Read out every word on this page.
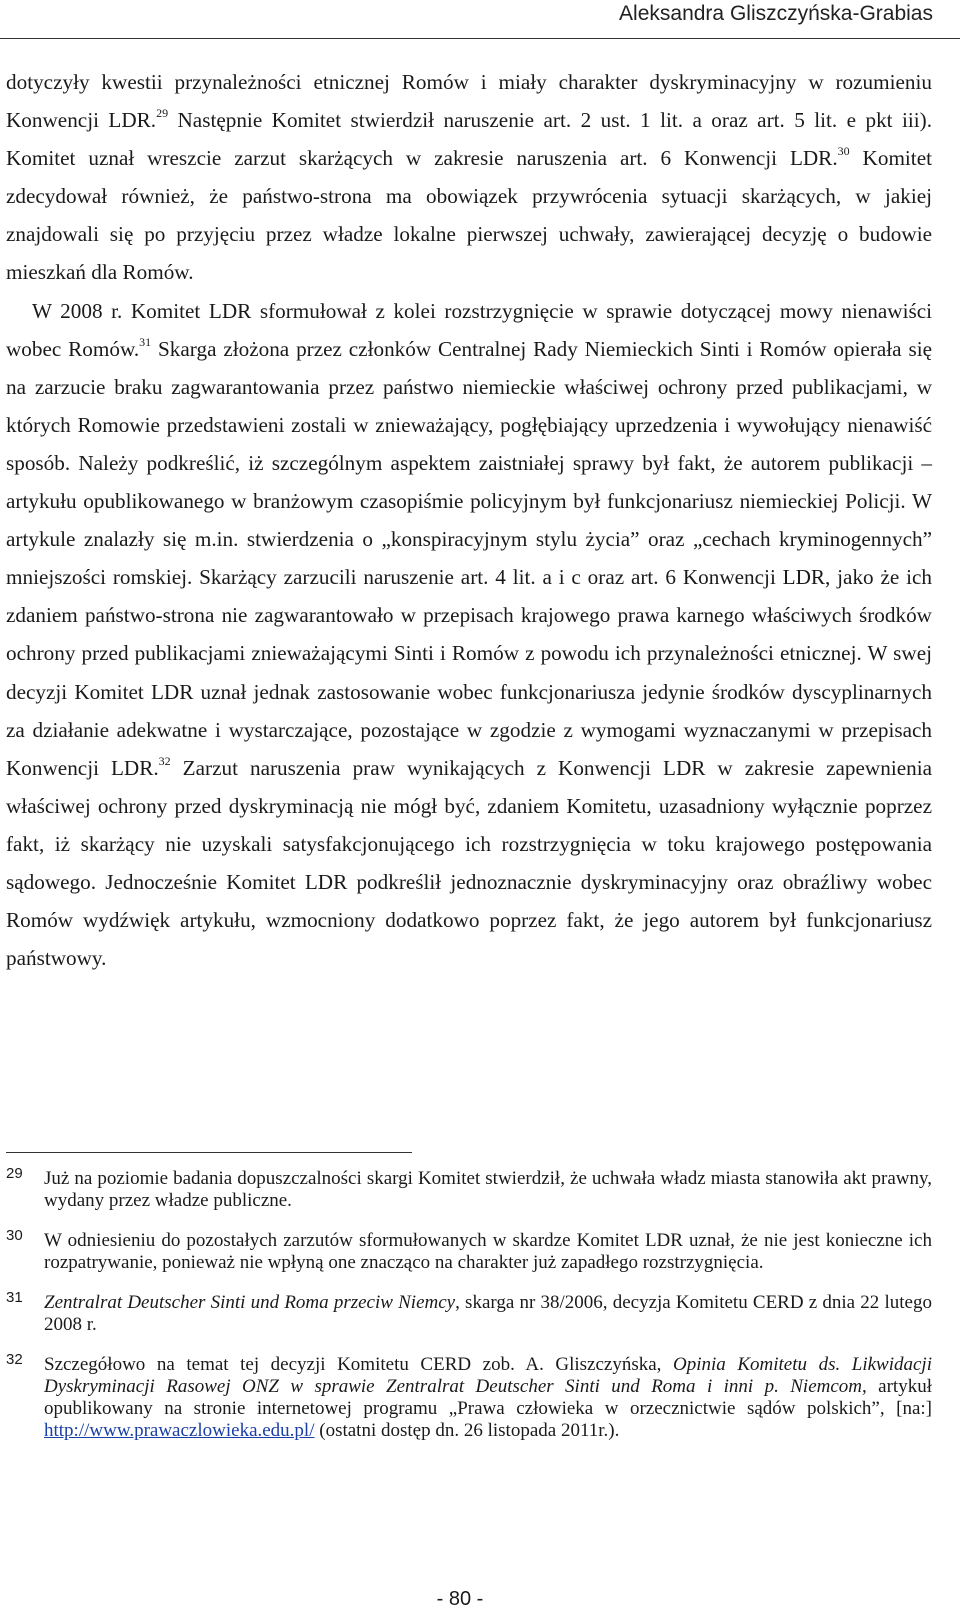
Aleksandra Gliszczyńska-Grabias

dotyczyły kwestii przynależności etnicznej Romów i miały charakter dyskryminacyjny w rozumieniu Konwencji LDR.$^{29}$ Następnie Komitet stwierdził naruszenie art. 2 ust. 1 lit. a oraz art. 5 lit. e pkt iii). Komitet uznał wreszcie zarzut skarżących w zakresie naruszenia art. 6 Konwencji LDR.$^{30}$ Komitet zdecydował również, że państwo-strona ma obowiązek przywrócenia sytuacji skarżących, w jakiej znajdowali się po przyjęciu przez władze lokalne pierwszej uchwały, zawierającej decyzję o budowie mieszkań dla Romów.

W 2008 r. Komitet LDR sformułował z kolei rozstrzygnięcie w sprawie dotyczącej mowy nienawiści wobec Romów.$^{31}$ Skarga złożona przez członków Centralnej Rady Niemieckich Sinti i Romów opierała się na zarzucie braku zagwarantowania przez państwo niemieckie właściwej ochrony przed publikacjami, w których Romowie przedstawieni zostali w znieważający, pogłębiający uprzedzenia i wywołujący nienawiść sposób. Należy podkreślić, iż szczególnym aspektem zaistniałej sprawy był fakt, że autorem publikacji – artykułu opublikowanego w branżowym czasopiśmie policyjnym był funkcjonariusz niemieckiej Policji. W artykule znalazły się m.in. stwierdzenia o „konspiracyjnym stylu życia” oraz „cechach kryminogennych” mniejszości romskiej. Skarżący zarzucili naruszenie art. 4 lit. a i c oraz art. 6 Konwencji LDR, jako że ich zdaniem państwo-strona nie zagwarantowało w przepisach krajowego prawa karnego właściwych środków ochrony przed publikacjami znieważającymi Sinti i Romów z powodu ich przynależności etnicznej. W swej decyzji Komitet LDR uznał jednak zastosowanie wobec funkcjonariusza jedynie środków dyscyplinarnych za działanie adekwatne i wystarczające, pozostające w zgodzie z wymogami wyznaczanymi w przepisach Konwencji LDR.$^{32}$ Zarzut naruszenia praw wynikających z Konwencji LDR w zakresie zapewnienia właściwej ochrony przed dyskryminacją nie mógł być, zdaniem Komitetu, uzasadniony wyłącznie poprzez fakt, iż skarżący nie uzyskali satysfakcjonującego ich rozstrzygnięcia w toku krajowego postępowania sądowego. Jednocześnie Komitet LDR podkreślił jednoznacznie dyskryminacyjny oraz obraźliwy wobec Romów wydźwięk artykułu, wzmocniony dodatkowo poprzez fakt, że jego autorem był funkcjonariusz państwowy.

29 Już na poziomie badania dopuszczalności skargi Komitet stwierdził, że uchwała władz miasta stanowiła akt prawny, wydany przez władze publiczne.
30 W odniesieniu do pozostałych zarzutów sformułowanych w skardze Komitet LDR uznał, że nie jest konieczne ich rozpatrywanie, ponieważ nie wpłyną one znacząco na charakter już zapadłego rozstrzygnięcia.
31 Zentralrat Deutscher Sinti und Roma przeciw Niemcy, skarga nr 38/2006, decyzja Komitetu CERD z dnia 22 lutego 2008 r.
32 Szczegółowo na temat tej decyzji Komitetu CERD zob. A. Gliszczyńska, Opinia Komitetu ds. Likwidacji Dyskryminacji Rasowej ONZ w sprawie Zentralrat Deutscher Sinti und Roma i inni p. Niemcom, artykuł opublikowany na stronie internetowej programu „Prawa człowieka w orzecznictwie sądów polskich”, [na:] http://www.prawaczlowieka.edu.pl/ (ostatni dostęp dn. 26 listopada 2011r.).
- 80 -
